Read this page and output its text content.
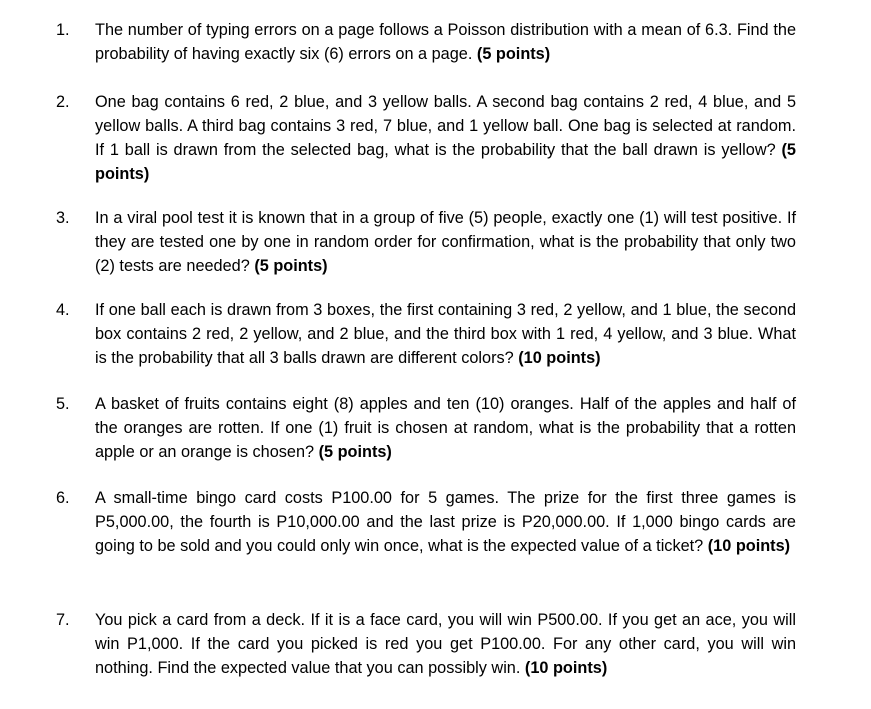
1.	The number of typing errors on a page follows a Poisson distribution with a mean of 6.3. Find the probability of having exactly six (6) errors on a page. (5 points)
2.	One bag contains 6 red, 2 blue, and 3 yellow balls. A second bag contains 2 red, 4 blue, and 5 yellow balls. A third bag contains 3 red, 7 blue, and 1 yellow ball. One bag is selected at random. If 1 ball is drawn from the selected bag, what is the probability that the ball drawn is yellow? (5 points)
3.	In a viral pool test it is known that in a group of five (5) people, exactly one (1) will test positive. If they are tested one by one in random order for confirmation, what is the probability that only two (2) tests are needed? (5 points)
4.	If one ball each is drawn from 3 boxes, the first containing 3 red, 2 yellow, and 1 blue, the second box contains 2 red, 2 yellow, and 2 blue, and the third box with 1 red, 4 yellow, and 3 blue. What is the probability that all 3 balls drawn are different colors? (10 points)
5.	A basket of fruits contains eight (8) apples and ten (10) oranges. Half of the apples and half of the oranges are rotten. If one (1) fruit is chosen at random, what is the probability that a rotten apple or an orange is chosen? (5 points)
6.	A small-time bingo card costs P100.00 for 5 games. The prize for the first three games is P5,000.00, the fourth is P10,000.00 and the last prize is P20,000.00. If 1,000 bingo cards are going to be sold and you could only win once, what is the expected value of a ticket? (10 points)
7.	You pick a card from a deck. If it is a face card, you will win P500.00. If you get an ace, you will win P1,000. If the card you picked is red you get P100.00. For any other card, you will win nothing. Find the expected value that you can possibly win. (10 points)
